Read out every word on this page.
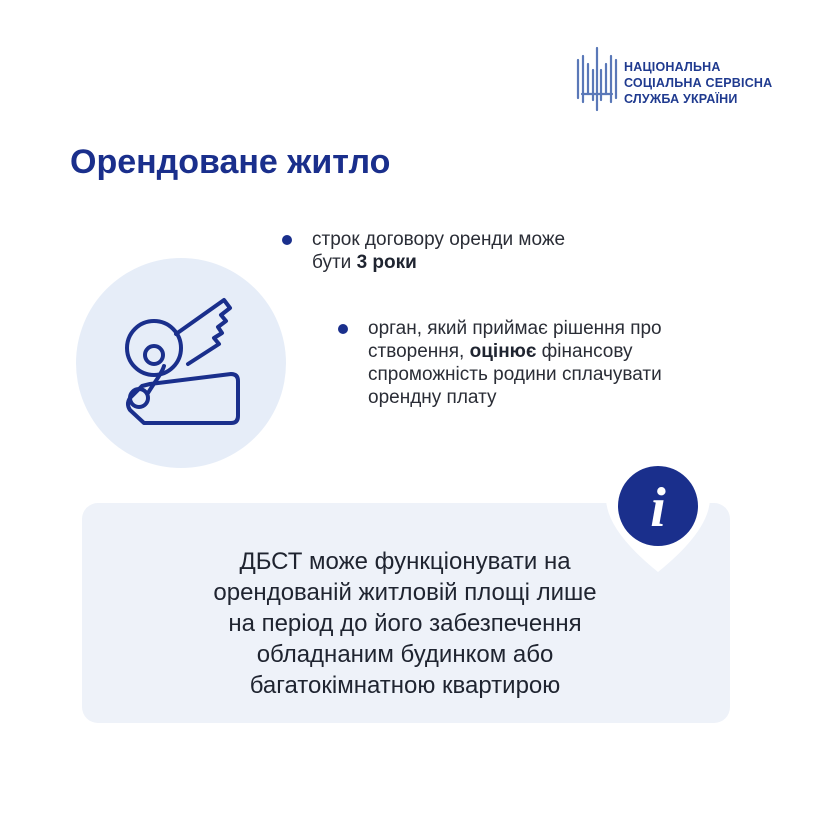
НАЦІОНАЛЬНА
СОЦІАЛЬНА СЕРВІСНА
СЛУЖБА УКРАЇНИ
Орендоване житло
строк договору оренди може
бути 3 роки
орган, який приймає рішення про
створення, оцінює фінансову
спроможність родини сплачувати
орендну плату
i
ДБСТ може функціонувати на
орендованій житловій площі лише
на період до його забезпечення
обладнаним будинком або
багатокімнатною квартирою
